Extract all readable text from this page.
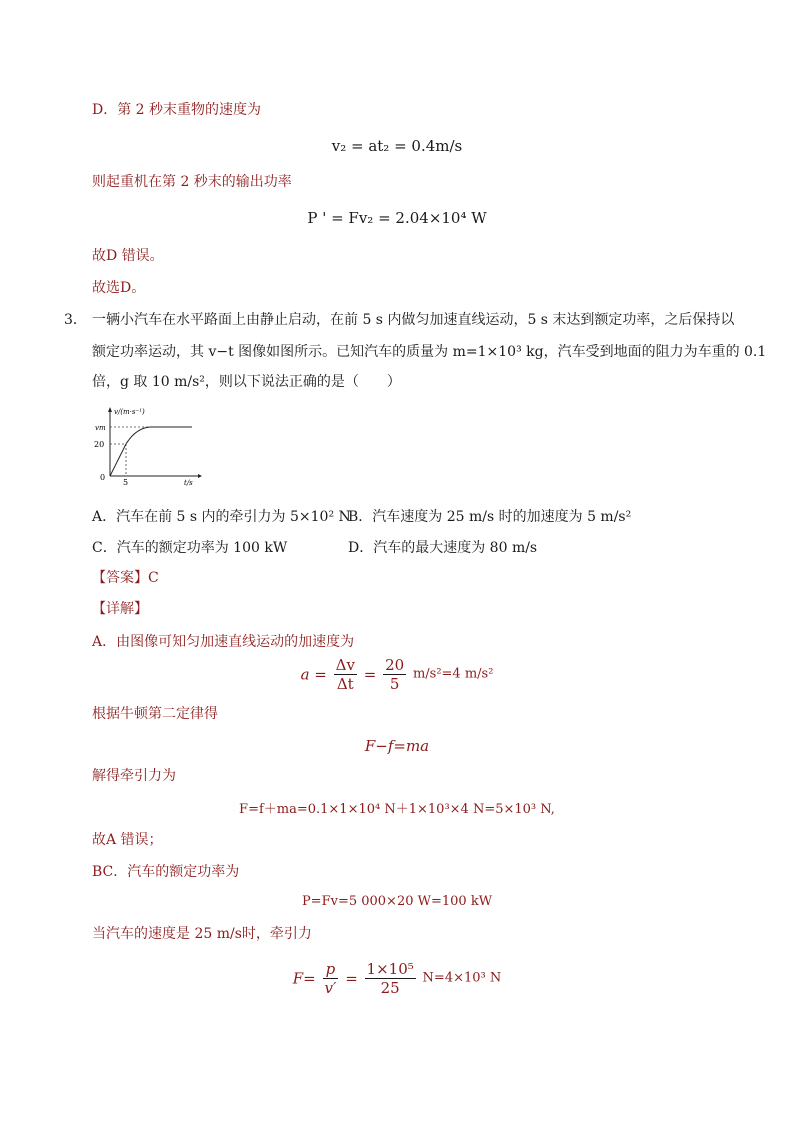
D．第 2 秒末重物的速度为
v₂ = at₂ = 0.4m/s
则起重机在第 2 秒末的输出功率
P ' = Fv₂ = 2.04×10⁴ W
故D 错误。
故选D。
3． 一辆小汽车在水平路面上由静止启动，在前 5 s 内做匀加速直线运动，5 s 末达到额定功率，之后保持以
额定功率运动，其 v−t 图像如图所示。已知汽车的质量为 m=1×10³ kg，汽车受到地面的阻力为车重的 0.1
倍，g 取 10 m/s²，则以下说法正确的是（　　）
v/(m·s⁻¹)
vm
20
0
5	t/s
A．汽车在前 5 s 内的牵引力为 5×10² N
B．汽车速度为 25 m/s 时的加速度为 5 m/s²
C．汽车的额定功率为 100 kW	D．汽车的最大速度为 80 m/s
【答案】C
【详解】
A．由图像可知匀加速直线运动的加速度为
$a = \frac{\Delta v}{\Delta t} = \frac{20}{5} m/s^2=4$ m/s²
根据牛顿第二定律得
F−f=ma
解得牵引力为
F=f＋ma=0.1×1×10⁴ N＋1×10³×4 N=5×10³ N,
故A 错误；
BC．汽车的额定功率为
P=Fv=5 000×20 W=100 kW
当汽车的速度是 25 m/s时，牵引力
$F= \frac{p}{v'} = \frac{\text{1×10⁵}}{25} N=4\times 10^3$ N
